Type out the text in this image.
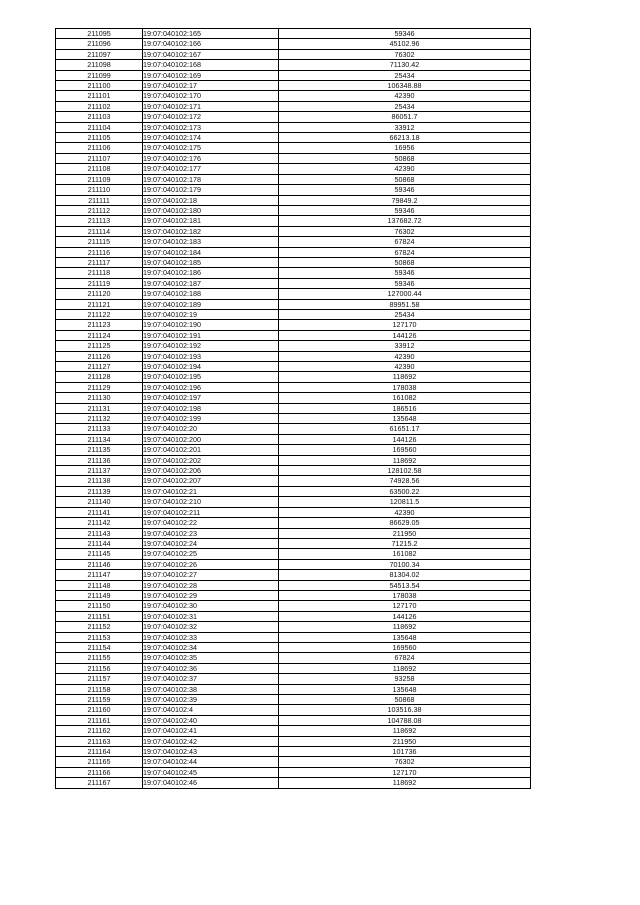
211095	19:07:040102:165	59346
211096	19:07:040102:166	45102.96
211097	19:07:040102:167	76302
211098	19:07:040102:168	71130.42
211099	19:07:040102:169	25434
211100	19:07:040102:17	106348.88
211101	19:07:040102:170	42390
211102	19:07:040102:171	25434
211103	19:07:040102:172	86051.7
211104	19:07:040102:173	33912
211105	19:07:040102:174	66213.18
211106	19:07:040102:175	16956
211107	19:07:040102:176	50868
211108	19:07:040102:177	42390
211109	19:07:040102:178	50868
211110	19:07:040102:179	59346
211111	19:07:040102:18	79849.2
211112	19:07:040102:180	59346
211113	19:07:040102:181	137682.72
211114	19:07:040102:182	76302
211115	19:07:040102:183	67824
211116	19:07:040102:184	67824
211117	19:07:040102:185	50868
211118	19:07:040102:186	59346
211119	19:07:040102:187	59346
211120	19:07:040102:188	127000.44
211121	19:07:040102:189	89951.58
211122	19:07:040102:19	25434
211123	19:07:040102:190	127170
211124	19:07:040102:191	144126
211125	19:07:040102:192	33912
211126	19:07:040102:193	42390
211127	19:07:040102:194	42390
211128	19:07:040102:195	118692
211129	19:07:040102:196	178038
211130	19:07:040102:197	161082
211131	19:07:040102:198	186516
211132	19:07:040102:199	135648
211133	19:07:040102:20	61651.17
211134	19:07:040102:200	144126
211135	19:07:040102:201	169560
211136	19:07:040102:202	118692
211137	19:07:040102:206	128102.58
211138	19:07:040102:207	74928.56
211139	19:07:040102:21	63500.22
211140	19:07:040102:210	120811.5
211141	19:07:040102:211	42390
211142	19:07:040102:22	86629.05
211143	19:07:040102:23	211950
211144	19:07:040102:24	71215.2
211145	19:07:040102:25	161082
211146	19:07:040102:26	70100.34
211147	19:07:040102:27	81304.02
211148	19:07:040102:28	54513.54
211149	19:07:040102:29	178038
211150	19:07:040102:30	127170
211151	19:07:040102:31	144126
211152	19:07:040102:32	118692
211153	19:07:040102:33	135648
211154	19:07:040102:34	169560
211155	19:07:040102:35	67824
211156	19:07:040102:36	118692
211157	19:07:040102:37	93258
211158	19:07:040102:38	135648
211159	19:07:040102:39	50868
211160	19:07:040102:4	103516.38
211161	19:07:040102:40	104788.08
211162	19:07:040102:41	118692
211163	19:07:040102:42	211950
211164	19:07:040102:43	101736
211165	19:07:040102:44	76302
211166	19:07:040102:45	127170
211167	19:07:040102:46	118692
